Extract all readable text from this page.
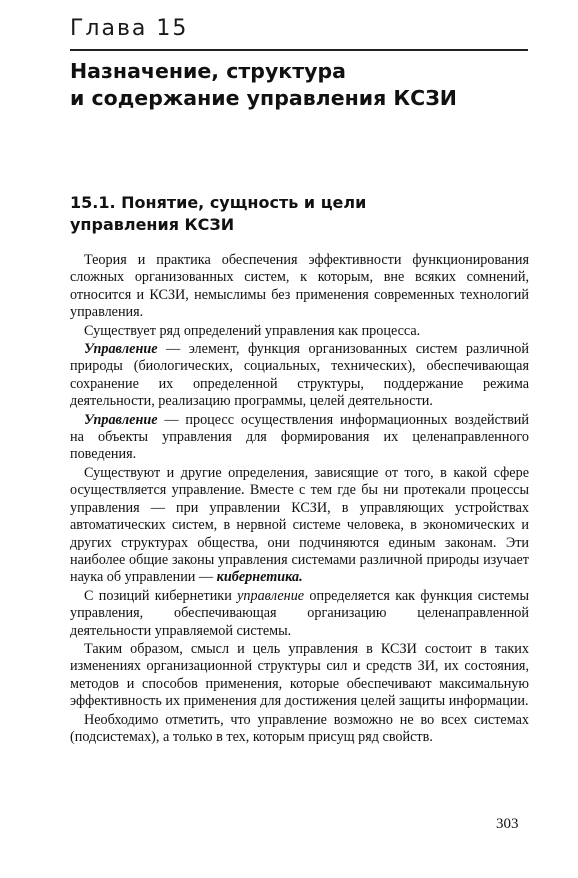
Глава 15
Назначение, структура
и содержание управления КСЗИ
15.1. Понятие, сущность и цели
управления КСЗИ

Теория и практика обеспечения эффективности функционирования сложных организованных систем, к которым, вне всяких сомнений, относится и КСЗИ, немыслимы без применения современных технологий управления.

Существует ряд определений управления как процесса.

Управление — элемент, функция организованных систем различной природы (биологических, социальных, технических), обеспечивающая сохранение их определенной структуры, поддержание режима деятельности, реализацию программы, целей деятельности.

Управление — процесс осуществления информационных воздействий на объекты управления для формирования их целенаправленного поведения.

Существуют и другие определения, зависящие от того, в какой сфере осуществляется управление. Вместе с тем где бы ни протекали процессы управления — при управлении КСЗИ, в управляющих устройствах автоматических систем, в нервной системе человека, в экономических и других структурах общества, они подчиняются единым законам. Эти наиболее общие законы управления системами различной природы изучает наука об управлении — кибернетика.

С позиций кибернетики управление определяется как функция системы управления, обеспечивающая организацию целенаправленной деятельности управляемой системы.

Таким образом, смысл и цель управления в КСЗИ состоит в таких изменениях организационной структуры сил и средств ЗИ, их состояния, методов и способов применения, которые обеспечивают максимальную эффективность их применения для достижения целей защиты информации.

Необходимо отметить, что управление возможно не во всех системах (подсистемах), а только в тех, которым присущ ряд свойств.

303
